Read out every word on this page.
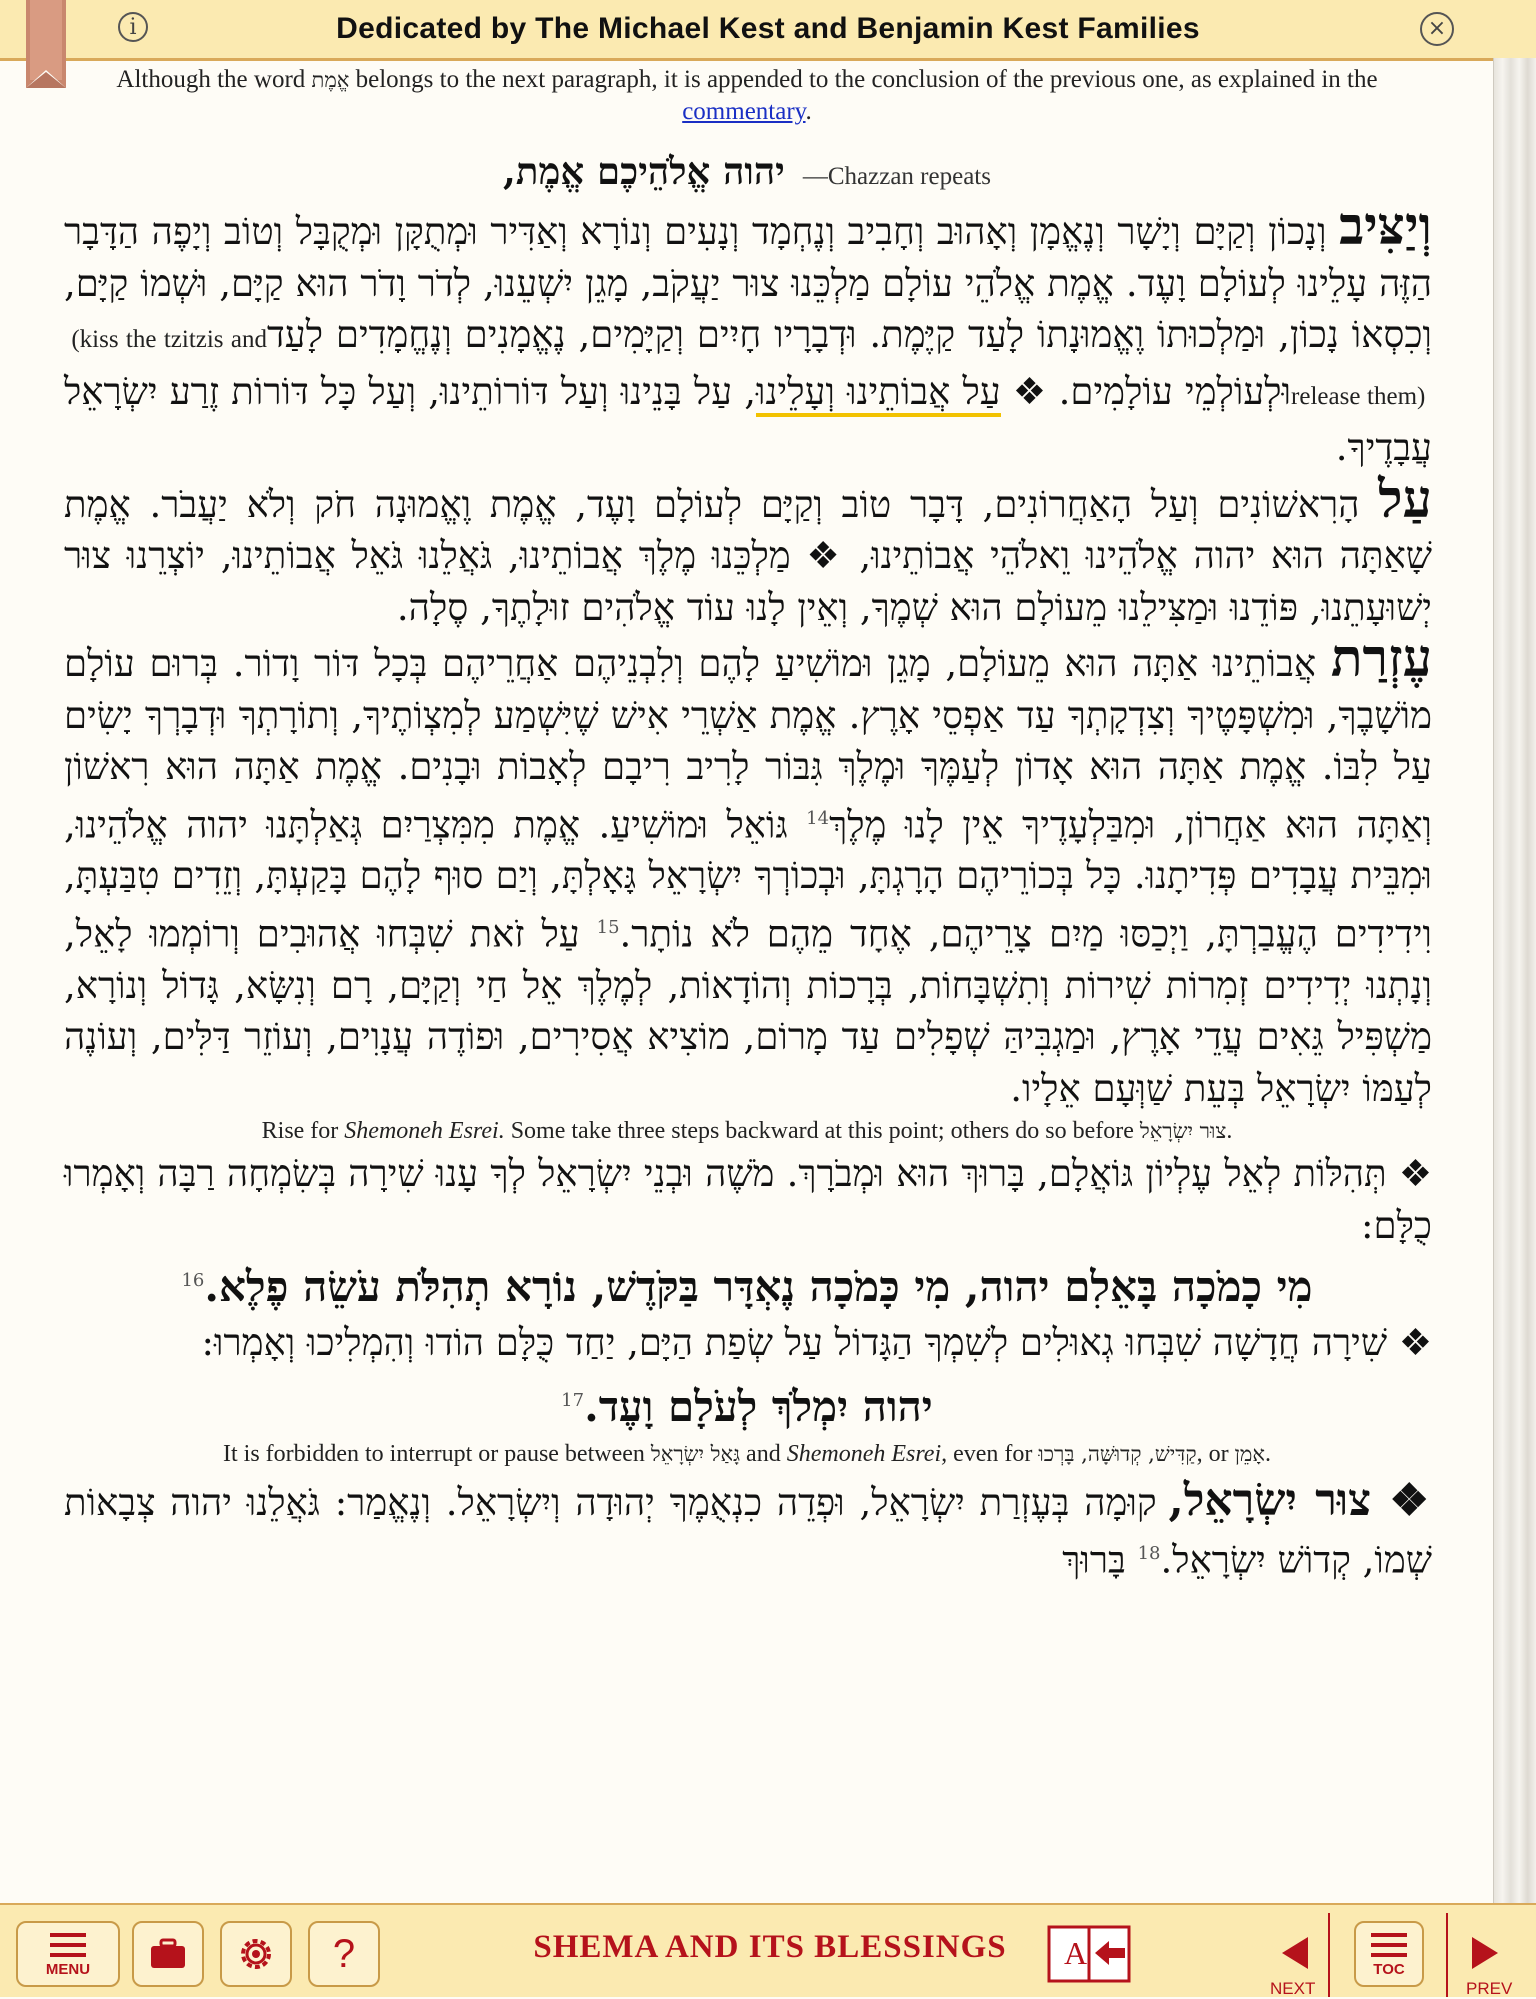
i	Dedicated by The Michael Kest and Benjamin Kest Families	×
Although the word אֱמֶת belongs to the next paragraph, it is appended to the conclusion of the previous one, as explained in the commentary.
יהוה אֱלֹהֵיכֶם אֱמֶת, —Chazzan repeats

וְיַצִּיב וְנָכוֹן וְקַיָּם וְיָשָׁר וְנֶאֱמָן וְאָהוּב וְחָבִיב וְנֶחְמָד וְנָעִים וְנוֹרָא וְאַדִּיר וּמְתֻקָּן וּמְקֻבָּל וְטוֹב וְיָפֶה הַדָּבָר הַזֶּה עָלֵינוּ לְעוֹלָם וָעֶד. אֱמֶת אֱלֹהֵי עוֹלָם מַלְכֵּנוּ צוּר יַעֲקֹב, מָגֵן יִשְׁעֵנוּ, לְדֹר וָדֹר הוּא קַיָּם, וּשְׁמוֹ קַיָּם, וְכִסְאוֹ נָכוֹן, וּמַלְכוּתוֹ וֶאֱמוּנָתוֹ לָעַד קַיֶּמֶת. וּדְבָרָיו חָיִים וְקַיָּמִים, נֶאֱמָנִים וְנֶחֱמָדִים לָעַד (kiss the tzitzis and release them) וּלְעוֹלְמֵי עוֹלָמִים. ❖ עַל אֲבוֹתֵינוּ וְעָלֵינוּ, עַל בָּנֵינוּ וְעַל דּוֹרוֹתֵינוּ, וְעַל כָּל דּוֹרוֹת זֶרַע יִשְׂרָאֵל עֲבָדֶיךָ.

עַל הָרִאשׁוֹנִים וְעַל הָאַחֲרוֹנִים, דָּבָר טוֹב וְקַיָּם לְעוֹלָם וָעֶד, אֱמֶת וֶאֱמוּנָה חֹק וְלֹא יַעֲבֹר. אֱמֶת שָׁאַתָּה הוּא יהוה אֱלֹהֵינוּ וֵאלֹהֵי אֲבוֹתֵינוּ, ❖ מַלְכֵּנוּ מֶלֶךְ אֲבוֹתֵינוּ, גֹּאֲלֵנוּ גֹּאֵל אֲבוֹתֵינוּ, יוֹצְרֵנוּ צוּר יְשׁוּעָתֵנוּ, פּוֹדֵנוּ וּמַצִּילֵנוּ מֵעוֹלָם הוּא שְׁמֶךָ, וְאֵין לָנוּ עוֹד אֱלֹהִים זוּלָתֶךָ, סֶלָה.

עֶזְרַת אֲבוֹתֵינוּ אַתָּה הוּא מֵעוֹלָם, מָגֵן וּמוֹשִׁיעַ לָהֶם וְלִבְנֵיהֶם אַחֲרֵיהֶם בְּכָל דּוֹר וָדוֹר. בְּרוּם עוֹלָם מוֹשָׁבֶךָ, וּמִשְׁפָּטֶיךָ וְצִדְקָתְךָ עַד אַפְסֵי אָרֶץ. אֱמֶת אַשְׁרֵי אִישׁ שֶׁיִּשְׁמַע לְמִצְוֹתֶיךָ, וְתוֹרָתְךָ וּדְבָרְךָ יָשִׂים עַל לִבּוֹ. אֱמֶת אַתָּה הוּא אָדוֹן לְעַמֶּךָ וּמֶלֶךְ גִּבּוֹר לָרִיב רִיבָם לְאָבוֹת וּבָנִים. אֱמֶת אַתָּה הוּא רִאשׁוֹן וְאַתָּה הוּא אַחֲרוֹן, וּמִבַּלְעָדֶיךָ אֵין לָנוּ מֶלֶךְ$^{14}$ גּוֹאֵל וּמוֹשִׁיעַ. אֱמֶת מִמִּצְרַיִם גְּאַלְתָּנוּ יהוה אֱלֹהֵינוּ, וּמִבֵּית עֲבָדִים פְּדִיתָנוּ. כָּל בְּכוֹרֵיהֶם הָרָגְתָּ, וּבְכוֹרְךָ יִשְׂרָאֵל גָּאָלְתָּ, וְיַם סוּף לָהֶם בָּקַעְתָּ, וְזֵדִים טִבַּעְתָּ, וִידִידִים הֶעֱבַרְתָּ, וַיְכַסּוּ מַיִם צָרֵיהֶם, אֶחָד מֵהֶם לֹא נוֹתָר.$^{15}$ עַל זֹאת שִׁבְּחוּ אֲהוּבִים וְרוֹמְמוּ לָאֵל, וְנָתְנוּ יְדִידִים זְמִרוֹת שִׁירוֹת וְתִשְׁבָּחוֹת, בְּרָכוֹת וְהוֹדָאוֹת, לְמֶלֶךְ אֵל חַי וְקַיָּם, רָם וְנִשָּׂא, גָּדוֹל וְנוֹרָא, מַשְׁפִּיל גֵּאִים עֲדֵי אָרֶץ, וּמַגְבִּיהַּ שְׁפָלִים עַד מָרוֹם, מוֹצִיא אֲסִירִים, וּפוֹדֶה עֲנָוִים, וְעוֹזֵר דַּלִּים, וְעוֹנֶה לְעַמּוֹ יִשְׂרָאֵל בְּעֵת שַׁוְּעָם אֵלָיו.

Rise for Shemoneh Esrei. Some take three steps backward at this point; others do so before צוּר יִשְׂרָאֵל.

❖ תְּהִלּוֹת לְאֵל עֶלְיוֹן גּוֹאֲלָם, בָּרוּךְ הוּא וּמְבֹרָךְ. מֹשֶׁה וּבְנֵי יִשְׂרָאֵל לְךָ עָנוּ שִׁירָה בְּשִׂמְחָה רַבָּה וְאָמְרוּ כֻלָּם:

מִי כָמֹכָה בָּאֵלִם יהוה, מִי כָּמֹכָה נֶאְדָּר בַּקֹּדֶשׁ, נוֹרָא תְהִלֹּת עֹשֵׂה פֶלֶא.$^{16}$

❖ שִׁירָה חֲדָשָׁה שִׁבְּחוּ גְאוּלִים לְשִׁמְךָ הַגָּדוֹל עַל שְׂפַת הַיָּם, יַחַד כֻּלָּם הוֹדוּ וְהִמְלִיכוּ וְאָמְרוּ:

יהוה יִמְלֹךְ לְעֹלָם וָעֶד.$^{17}$

It is forbidden to interrupt or pause between גָּאַל יִשְׂרָאֵל and Shemoneh Esrei, even for קַדִּישׁ, קְדוּשָּׁה, בָּרְכוּ, or אָמֵן.

❖ צוּר יִשְׂרָאֵל, קוּמָה בְּעֶזְרַת יִשְׂרָאֵל, וּפְדֵה כִנְאֻמֶךָ יְהוּדָה וְיִשְׂרָאֵל. וְנֶאֱמַר: גֹּאֲלֵנוּ יהוה צְבָאוֹת שְׁמוֹ, קְדוֹשׁ יִשְׂרָאֵל.$^{18}$ בָּרוּךְ

MENU	?	SHEMA AND ITS BLESSINGS	A
NEXT
TOC
PREV
